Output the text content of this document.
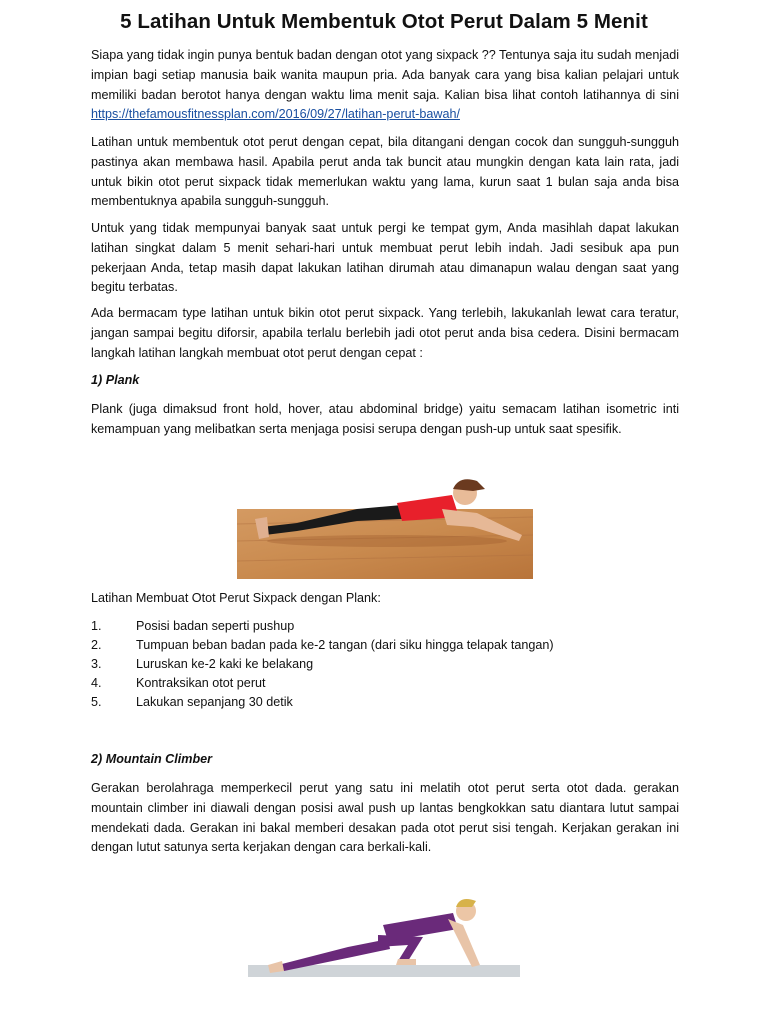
5 Latihan Untuk Membentuk Otot Perut Dalam 5 Menit

Siapa yang tidak ingin punya bentuk badan dengan otot yang sixpack ?? Tentunya saja itu sudah menjadi impian bagi setiap manusia baik wanita maupun pria. Ada banyak cara yang bisa kalian pelajari untuk memiliki badan berotot hanya dengan waktu lima menit saja. Kalian bisa lihat contoh latihannya di sini https://thefamousfitnessplan.com/2016/09/27/latihan-perut-bawah/

Latihan untuk membentuk otot perut dengan cepat, bila ditangani dengan cocok dan sungguh-sungguh pastinya akan membawa hasil. Apabila perut anda tak buncit atau mungkin dengan kata lain rata, jadi untuk bikin otot perut sixpack tidak memerlukan waktu yang lama, kurun saat 1 bulan saja anda bisa membentuknya apabila sungguh-sungguh.

Untuk yang tidak mempunyai banyak saat untuk pergi ke tempat gym, Anda masihlah dapat lakukan latihan singkat dalam 5 menit sehari-hari untuk membuat perut lebih indah. Jadi sesibuk apa pun pekerjaan Anda, tetap masih dapat lakukan latihan dirumah atau dimanapun walau dengan saat yang begitu terbatas.

Ada bermacam type latihan untuk bikin otot perut sixpack. Yang terlebih, lakukanlah lewat cara teratur, jangan sampai begitu diforsir, apabila terlalu berlebih jadi otot perut anda bisa cedera. Disini bermacam langkah latihan langkah membuat otot perut dengan cepat :

1) Plank

Plank (juga dimaksud front hold, hover, atau abdominal bridge) yaitu semacam latihan isometric inti kemampuan yang melibatkan serta menjaga posisi serupa dengan push-up untuk saat spesifik.

Latihan Membuat Otot Perut Sixpack dengan Plank:

1.	Posisi badan seperti pushup
2.	Tumpuan beban badan pada ke-2 tangan (dari siku hingga telapak tangan)
3.	Luruskan ke-2 kaki ke belakang
4.	Kontraksikan otot perut
5.	Lakukan sepanjang 30 detik

2) Mountain Climber

Gerakan berolahraga memperkecil perut yang satu ini melatih otot perut serta otot dada. gerakan mountain climber ini diawali dengan posisi awal push up lantas bengkokkan satu diantara lutut sampai mendekati dada. Gerakan ini bakal memberi desakan pada otot perut sisi tengah. Kerjakan gerakan ini dengan lutut satunya serta kerjakan dengan cara berkali-kali.
